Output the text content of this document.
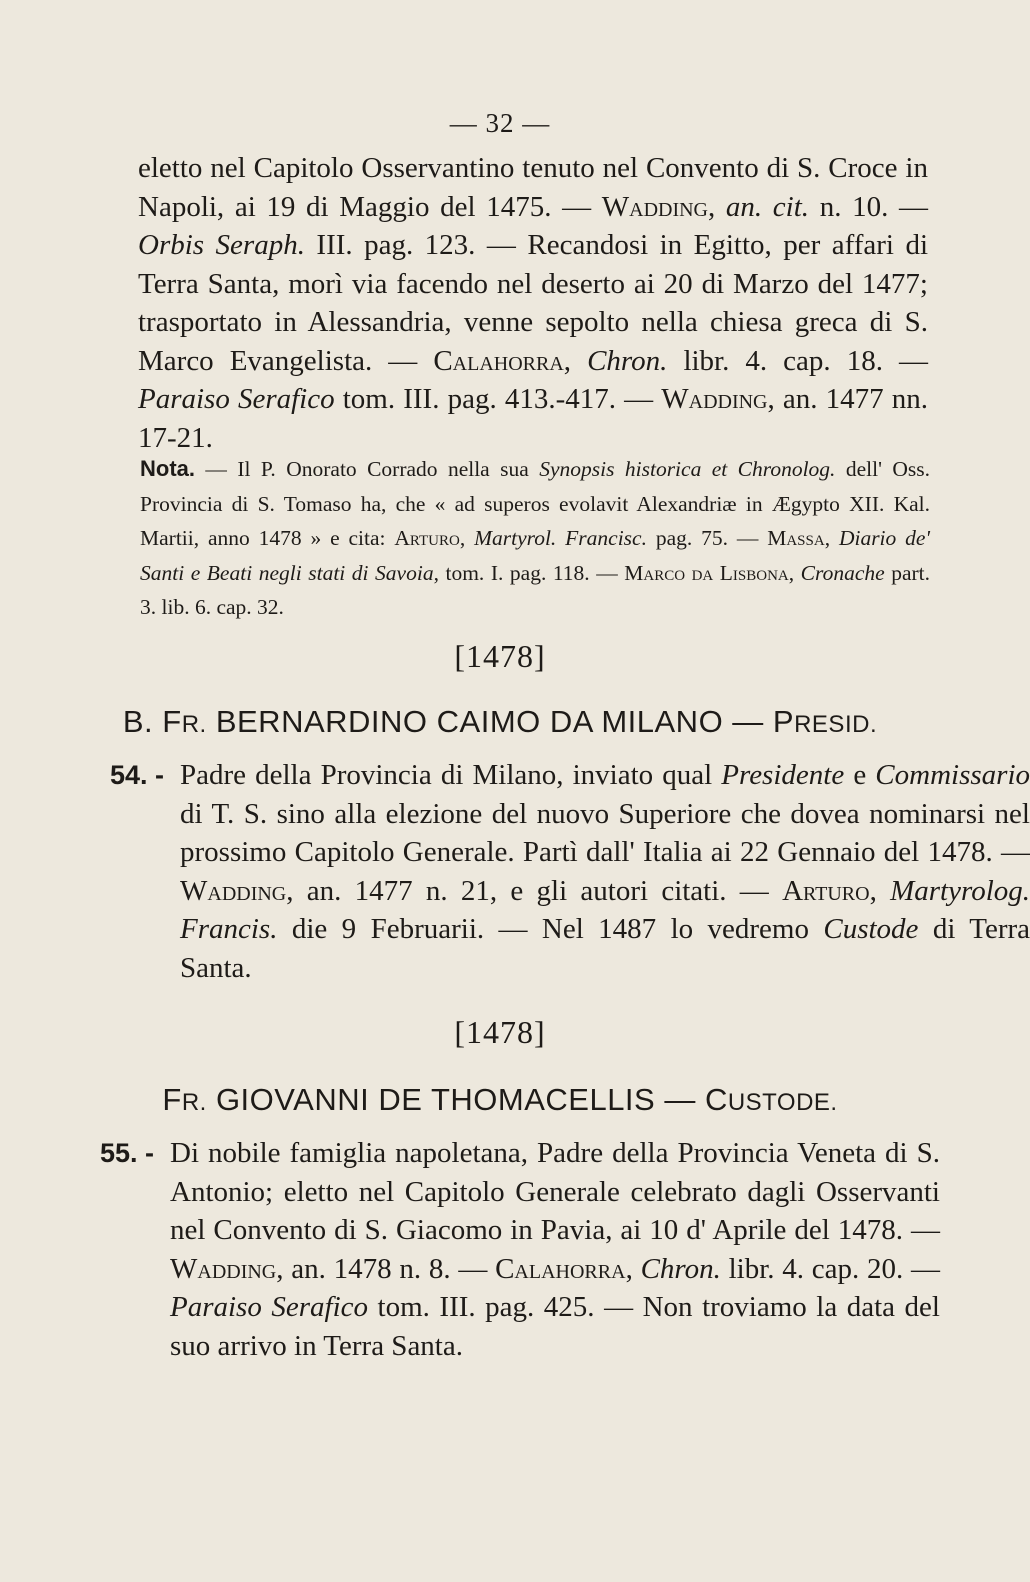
— 32 —

eletto nel Capitolo Osservantino tenuto nel Convento di S. Croce in Napoli, ai 19 di Maggio del 1475. — Wadding, an. cit. n. 10. — Orbis Seraph. III. pag. 123. — Recandosi in Egitto, per affari di Terra Santa, morì via facendo nel deserto ai 20 di Marzo del 1477; trasportato in Alessandria, venne sepolto nella chiesa greca di S. Marco Evangelista. — Calahorra, Chron. libr. 4. cap. 18. — Paraiso Serafico tom. III. pag. 413.-417. — Wadding, an. 1477 nn. 17-21.

Nota. — Il P. Onorato Corrado nella sua Synopsis historica et Chronolog. dell' Oss. Provincia di S. Tomaso ha, che « ad superos evolavit Alexandriæ in Ægypto XII. Kal. Martii, anno 1478 » e cita: Arturo, Martyrol. Francisc. pag. 75. — Massa, Diario de' Santi e Beati negli stati di Savoia, tom. I. pag. 118. — Marco da Lisbona, Cronache part. 3. lib. 6. cap. 32.

[1478]
B. FR. BERNARDINO CAIMO DA MILANO — PRESID.

54. - Padre della Provincia di Milano, inviato qual Presidente e Commissario di T. S. sino alla elezione del nuovo Superiore che dovea nominarsi nel prossimo Capitolo Generale. Partì dall' Italia ai 22 Gennaio del 1478. — Wadding, an. 1477 n. 21, e gli autori citati. — Arturo, Martyrolog. Francis. die 9 Februarii. — Nel 1487 lo vedremo Custode di Terra Santa.

[1478]
FR. GIOVANNI DE THOMACELLIS — CUSTODE.

55. - Di nobile famiglia napoletana, Padre della Provincia Veneta di S. Antonio; eletto nel Capitolo Generale celebrato dagli Osservanti nel Convento di S. Giacomo in Pavia, ai 10 d' Aprile del 1478. — Wadding, an. 1478 n. 8. — Calahorra, Chron. libr. 4. cap. 20. — Paraiso Serafico tom. III. pag. 425. — Non troviamo la data del suo arrivo in Terra Santa.
